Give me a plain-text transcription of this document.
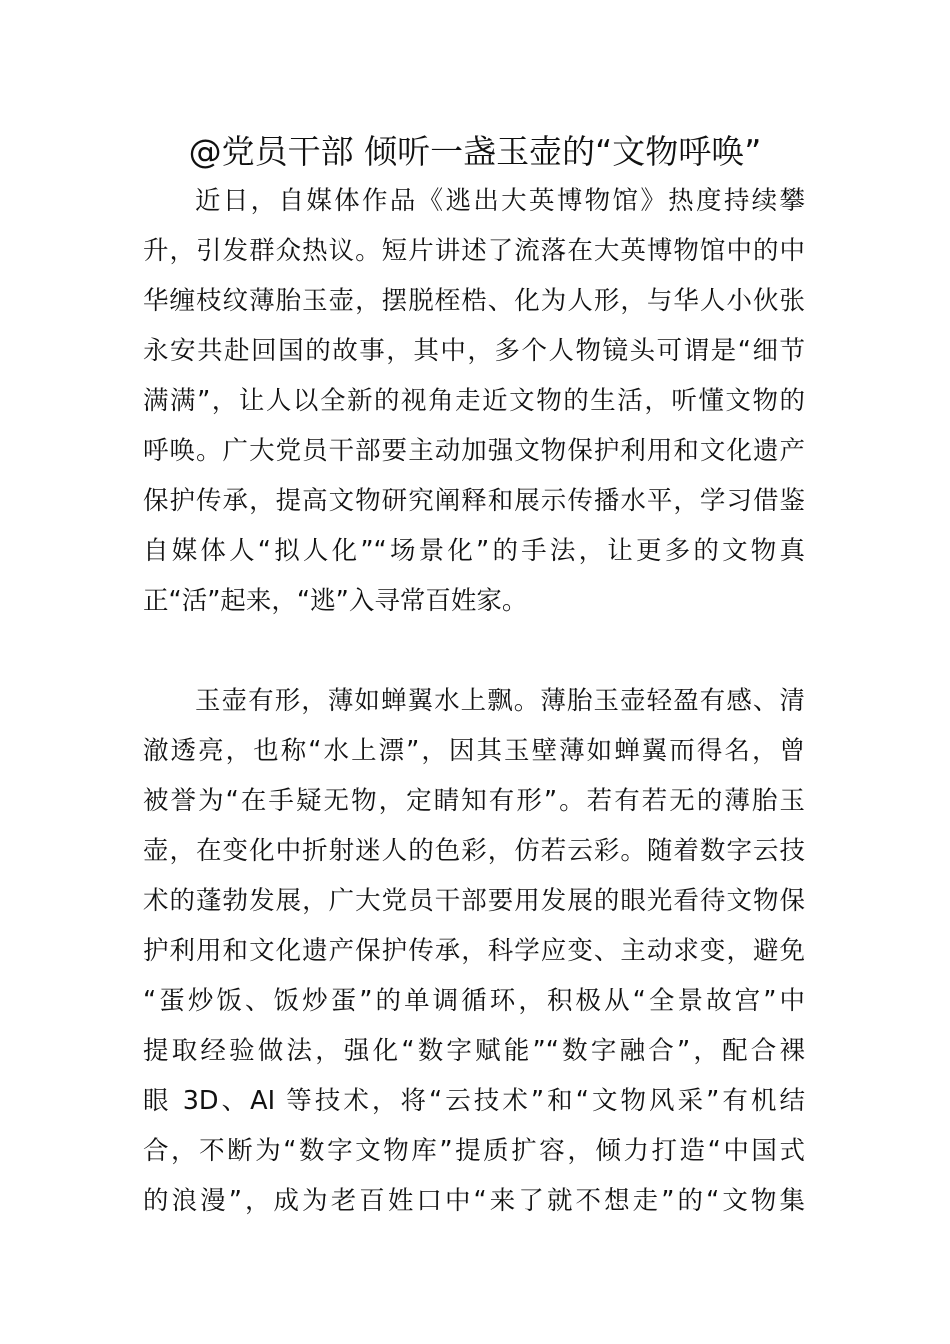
@党员干部 倾听一盏玉壶的“文物呼唤”
近日，自媒体作品《逃出大英博物馆》热度持续攀
升，引发群众热议。短片讲述了流落在大英博物馆中的中
华缠枝纹薄胎玉壶，摆脱桎梏、化为人形，与华人小伙张
永安共赴回国的故事，其中，多个人物镜头可谓是“细节
满满”，让人以全新的视角走近文物的生活，听懂文物的
呼唤。广大党员干部要主动加强文物保护利用和文化遗产
保护传承，提高文物研究阐释和展示传播水平，学习借鉴
自媒体人“拟人化”“场景化”的手法，让更多的文物真
正“活”起来，“逃”入寻常百姓家。
玉壶有形，薄如蝉翼水上飘。薄胎玉壶轻盈有感、清
澈透亮，也称“水上漂”，因其玉壁薄如蝉翼而得名，曾
被誉为“在手疑无物，定睛知有形”。若有若无的薄胎玉
壶，在变化中折射迷人的色彩，仿若云彩。随着数字云技
术的蓬勃发展，广大党员干部要用发展的眼光看待文物保
护利用和文化遗产保护传承，科学应变、主动求变，避免
“蛋炒饭、饭炒蛋”的单调循环，积极从“全景故宫”中
提取经验做法，强化“数字赋能”“数字融合”，配合裸
眼 3D、AI 等技术，将“云技术”和“文物风采”有机结
合，不断为“数字文物库”提质扩容，倾力打造“中国式
的浪漫”，成为老百姓口中“来了就不想走”的“文物集
